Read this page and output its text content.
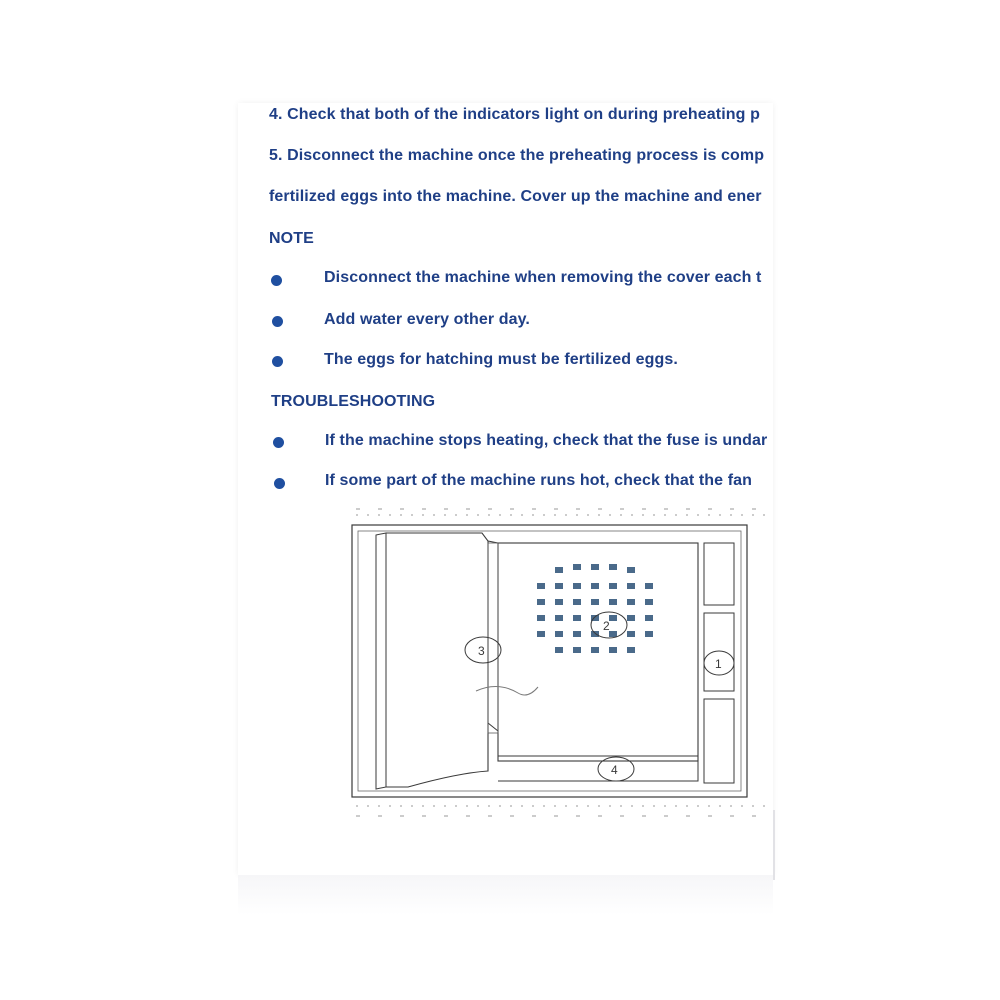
4. Check that both of the indicators light on during preheating p
5. Disconnect the machine once the preheating process is comp
fertilized eggs into the machine. Cover up the machine and ener
NOTE
Disconnect the machine when removing the cover each t
Add water every other day.
The eggs for hatching must be fertilized eggs.
TROUBLESHOOTING
If the machine stops heating, check that the fuse is undar
If some part of the machine runs hot, check that the fan
1
2
3
4
